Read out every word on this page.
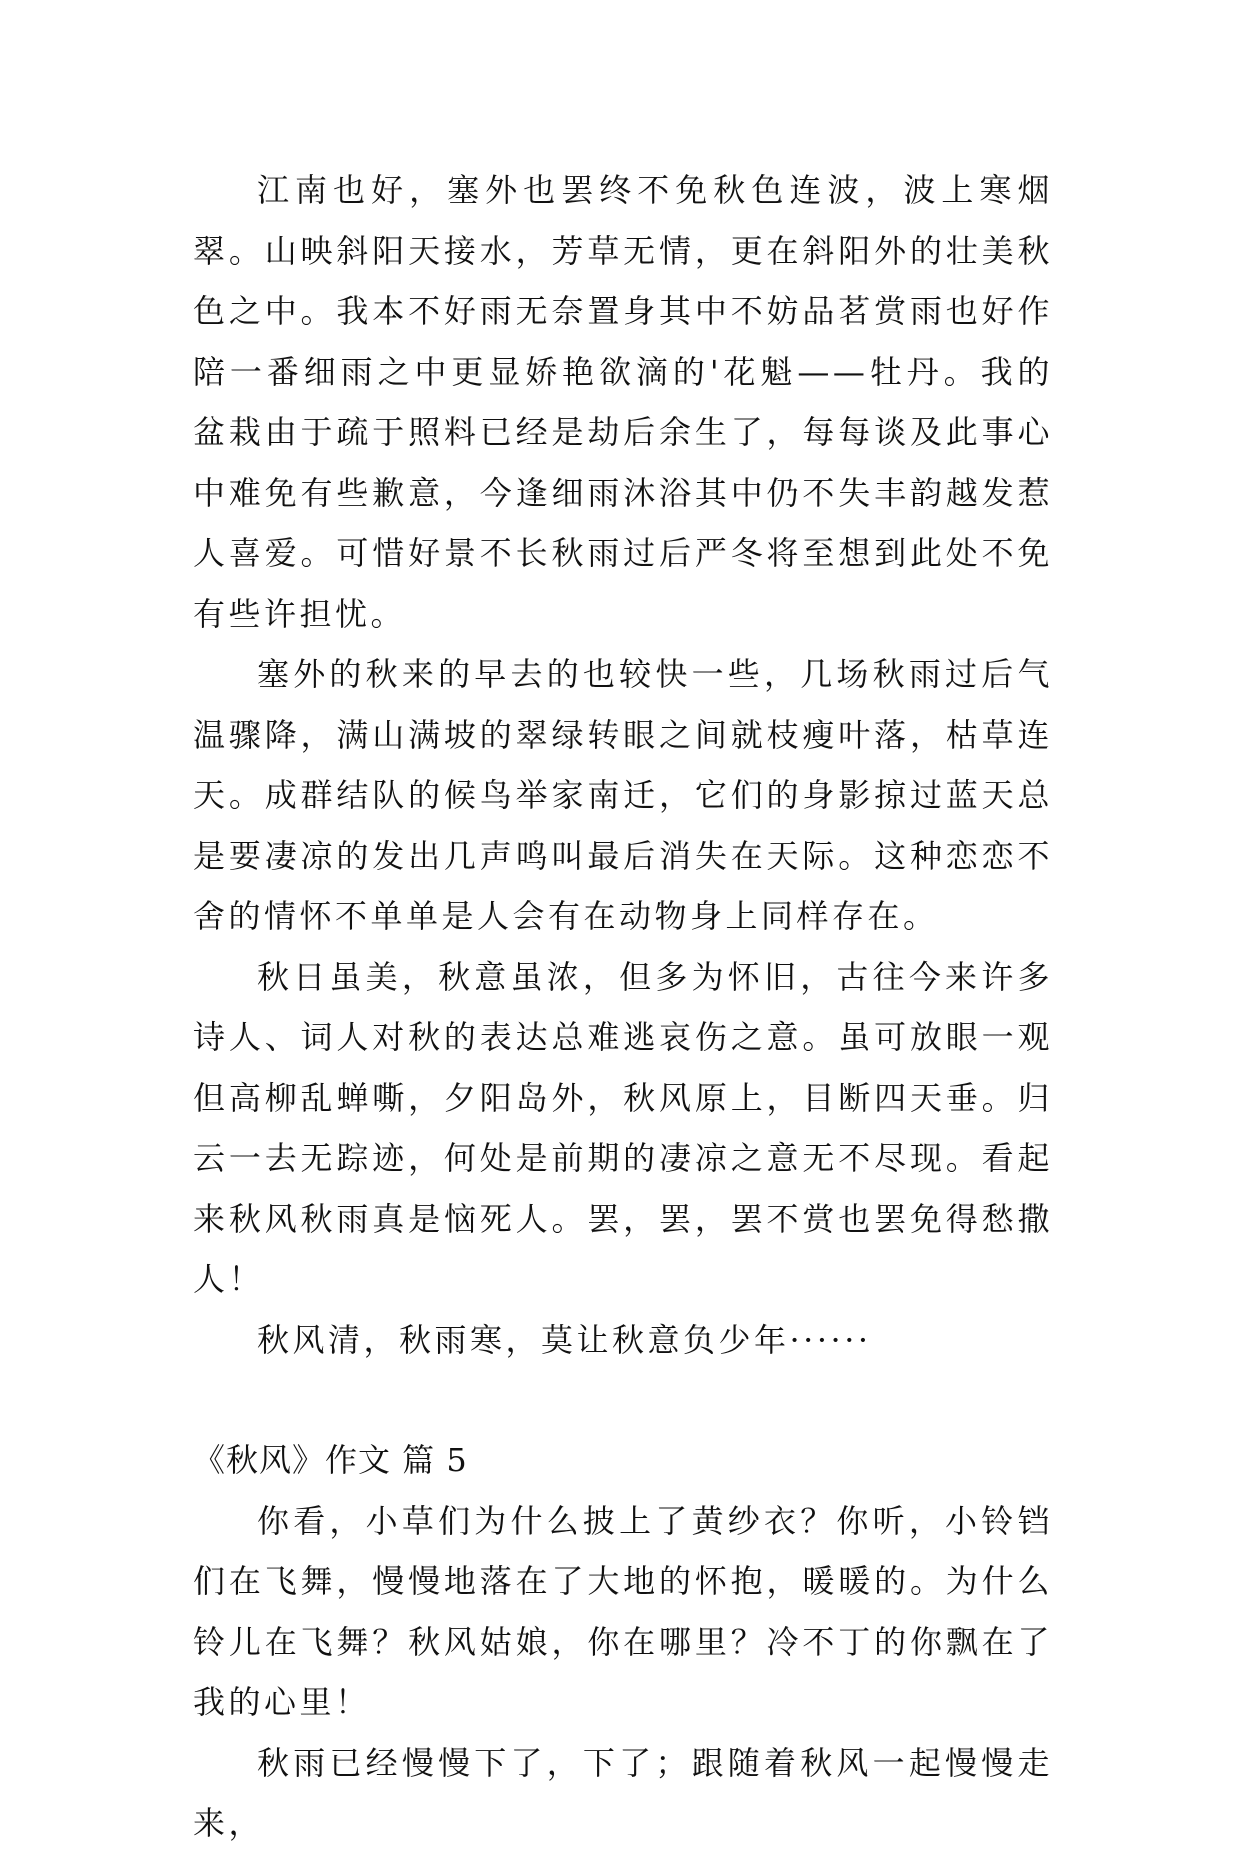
江南也好，塞外也罢终不免秋色连波，波上寒烟翠。山映斜阳天接水，芳草无情，更在斜阳外的壮美秋色之中。我本不好雨无奈置身其中不妨品茗赏雨也好作陪一番细雨之中更显娇艳欲滴的'花魁——牡丹。我的盆栽由于疏于照料已经是劫后余生了，每每谈及此事心中难免有些歉意，今逢细雨沐浴其中仍不失丰韵越发惹人喜爱。可惜好景不长秋雨过后严冬将至想到此处不免有些许担忧。

塞外的秋来的早去的也较快一些，几场秋雨过后气温骤降，满山满坡的翠绿转眼之间就枝瘦叶落，枯草连天。成群结队的候鸟举家南迁，它们的身影掠过蓝天总是要凄凉的发出几声鸣叫最后消失在天际。这种恋恋不舍的情怀不单单是人会有在动物身上同样存在。

秋日虽美，秋意虽浓，但多为怀旧，古往今来许多诗人、词人对秋的表达总难逃哀伤之意。虽可放眼一观但高柳乱蝉嘶，夕阳岛外，秋风原上，目断四天垂。归云一去无踪迹，何处是前期的凄凉之意无不尽现。看起来秋风秋雨真是恼死人。罢，罢，罢不赏也罢免得愁撒人！

秋风清，秋雨寒，莫让秋意负少年······

《秋风》作文 篇 5

你看，小草们为什么披上了黄纱衣？你听，小铃铛们在飞舞，慢慢地落在了大地的怀抱，暖暖的。为什么铃儿在飞舞？秋风姑娘，你在哪里？冷不丁的你飘在了我的心里！

秋雨已经慢慢下了，下了；跟随着秋风一起慢慢走来，
